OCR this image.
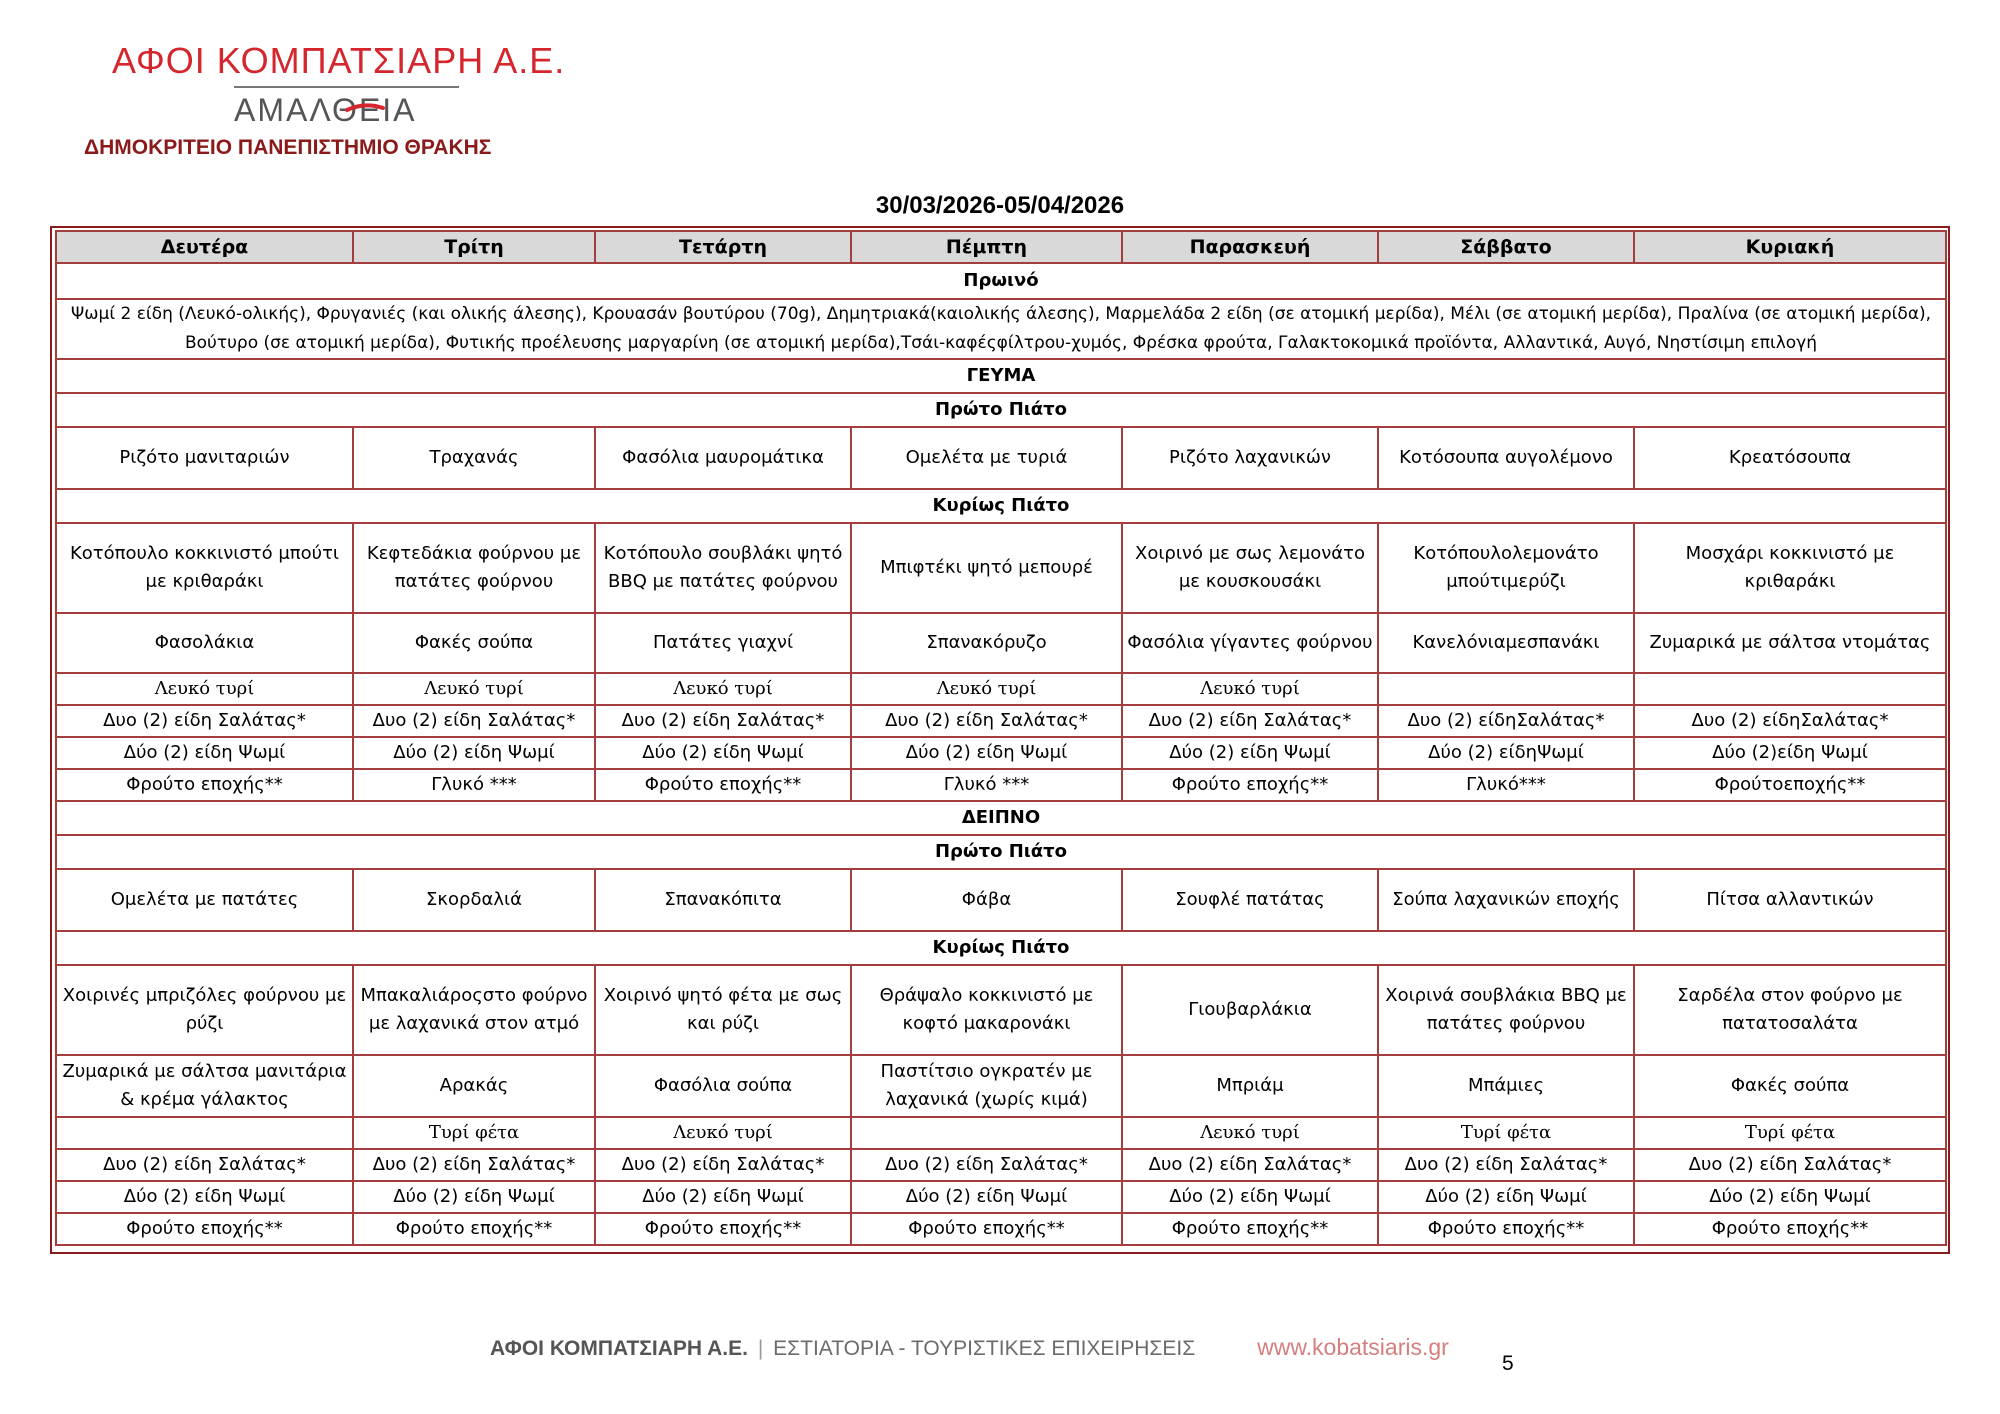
ΑΦΟΙ ΚΟΜΠΑΤΣΙΑΡΗ Α.Ε.
ΑΜΑΛΘΕΙΑ
ΔΗΜΟΚΡΙΤΕΙΟ ΠΑΝΕΠΙΣΤΗΜΙΟ ΘΡΑΚΗΣ
30/03/2026-05/04/2026
Δευτέρα	Τρίτη	Τετάρτη	Πέμπτη	Παρασκευή	Σάββατο	Κυριακή
Πρωινό						
Ψωμί 2 είδη (Λευκό-ολικής), Φρυγανιές (και ολικής άλεσης), Κρουασάν βουτύρου (70g), Δημητριακά(καιολικής άλεσης), Μαρμελάδα 2 είδη (σε ατομική μερίδα), Μέλι (σε ατομική μερίδα), Πραλίνα (σε ατομική μερίδα), Βούτυρο (σε ατομική μερίδα), Φυτικής προέλευσης μαργαρίνη (σε ατομική μερίδα),Τσάι-καφέςφίλτρου-χυμός, Φρέσκα φρούτα, Γαλακτοκομικά προϊόντα, Αλλαντικά, Αυγό, Νηστίσιμη επιλογή						
ΓΕΥΜΑ						
Πρώτο Πιάτο						
Ριζότο μανιταριών	Τραχανάς	Φασόλια μαυρομάτικα	Ομελέτα με τυριά	Ριζότο λαχανικών	Κοτόσουπα αυγολέμονο	Κρεατόσουπα
Κυρίως Πιάτο						
Κοτόπουλο κοκκινιστό μπούτι με κριθαράκι	Κεφτεδάκια φούρνου με πατάτες φούρνου	Κοτόπουλο σουβλάκι ψητό BBQ με πατάτες φούρνου	Μπιφτέκι ψητό μεπουρέ	Χοιρινό με σως λεμονάτο με κουσκουσάκι	Κοτόπουλολεμονάτο μπούτιμερύζι	Μοσχάρι κοκκινιστό με κριθαράκι
Φασολάκια	Φακές σούπα	Πατάτες γιαχνί	Σπανακόρυζο	Φασόλια γίγαντες φούρνου	Κανελόνιαμεσπανάκι	Ζυμαρικά με σάλτσα ντομάτας
Λευκό τυρί	Λευκό τυρί	Λευκό τυρί	Λευκό τυρί	Λευκό τυρί		
Δυο (2) είδη Σαλάτας*	Δυο (2) είδη Σαλάτας*	Δυο (2) είδη Σαλάτας*	Δυο (2) είδη Σαλάτας*	Δυο (2) είδη Σαλάτας*	Δυο (2) είδηΣαλάτας*	Δυο (2) είδηΣαλάτας*
Δύο (2) είδη Ψωμί	Δύο (2) είδη Ψωμί	Δύο (2) είδη Ψωμί	Δύο (2) είδη Ψωμί	Δύο (2) είδη Ψωμί	Δύο (2) είδηΨωμί	Δύο (2)είδη Ψωμί
Φρούτο εποχής**	Γλυκό ***	Φρούτο εποχής**	Γλυκό ***	Φρούτο εποχής**	Γλυκό***	Φρούτοεποχής**
ΔΕΙΠΝΟ						
Πρώτο Πιάτο						
Ομελέτα με πατάτες	Σκορδαλιά	Σπανακόπιτα	Φάβα	Σουφλέ πατάτας	Σούπα λαχανικών εποχής	Πίτσα αλλαντικών
Κυρίως Πιάτο						
Χοιρινές μπριζόλες φούρνου με ρύζι	Μπακαλιάροςστο φούρνο με λαχανικά στον ατμό	Χοιρινό ψητό φέτα με σως και ρύζι	Θράψαλο κοκκινιστό με κοφτό μακαρονάκι	Γιουβαρλάκια	Χοιρινά σουβλάκια BBQ με πατάτες φούρνου	Σαρδέλα στον φούρνο με πατατοσαλάτα
Ζυμαρικά με σάλτσα μανιτάρια & κρέμα γάλακτος	Αρακάς	Φασόλια σούπα	Παστίτσιο ογκρατέν με λαχανικά (χωρίς κιμά)	Μπριάμ	Μπάμιες	Φακές σούπα
	Τυρί φέτα	Λευκό τυρί		Λευκό τυρί	Τυρί φέτα	Τυρί φέτα
Δυο (2) είδη Σαλάτας*	Δυο (2) είδη Σαλάτας*	Δυο (2) είδη Σαλάτας*	Δυο (2) είδη Σαλάτας*	Δυο (2) είδη Σαλάτας*	Δυο (2) είδη Σαλάτας*	Δυο (2) είδη Σαλάτας*
Δύο (2) είδη Ψωμί	Δύο (2) είδη Ψωμί	Δύο (2) είδη Ψωμί	Δύο (2) είδη Ψωμί	Δύο (2) είδη Ψωμί	Δύο (2) είδη Ψωμί	Δύο (2) είδη Ψωμί
Φρούτο εποχής**	Φρούτο εποχής**	Φρούτο εποχής**	Φρούτο εποχής**	Φρούτο εποχής**	Φρούτο εποχής**	Φρούτο εποχής**
ΑΦΟΙ ΚΟΜΠΑΤΣΙΑΡΗ Α.Ε. | ΕΣΤΙΑΤΟΡΙΑ - ΤΟΥΡΙΣΤΙΚΕΣ ΕΠΙΧΕΙΡΗΣΕΙΣ	www.kobatsiaris.gr
5
